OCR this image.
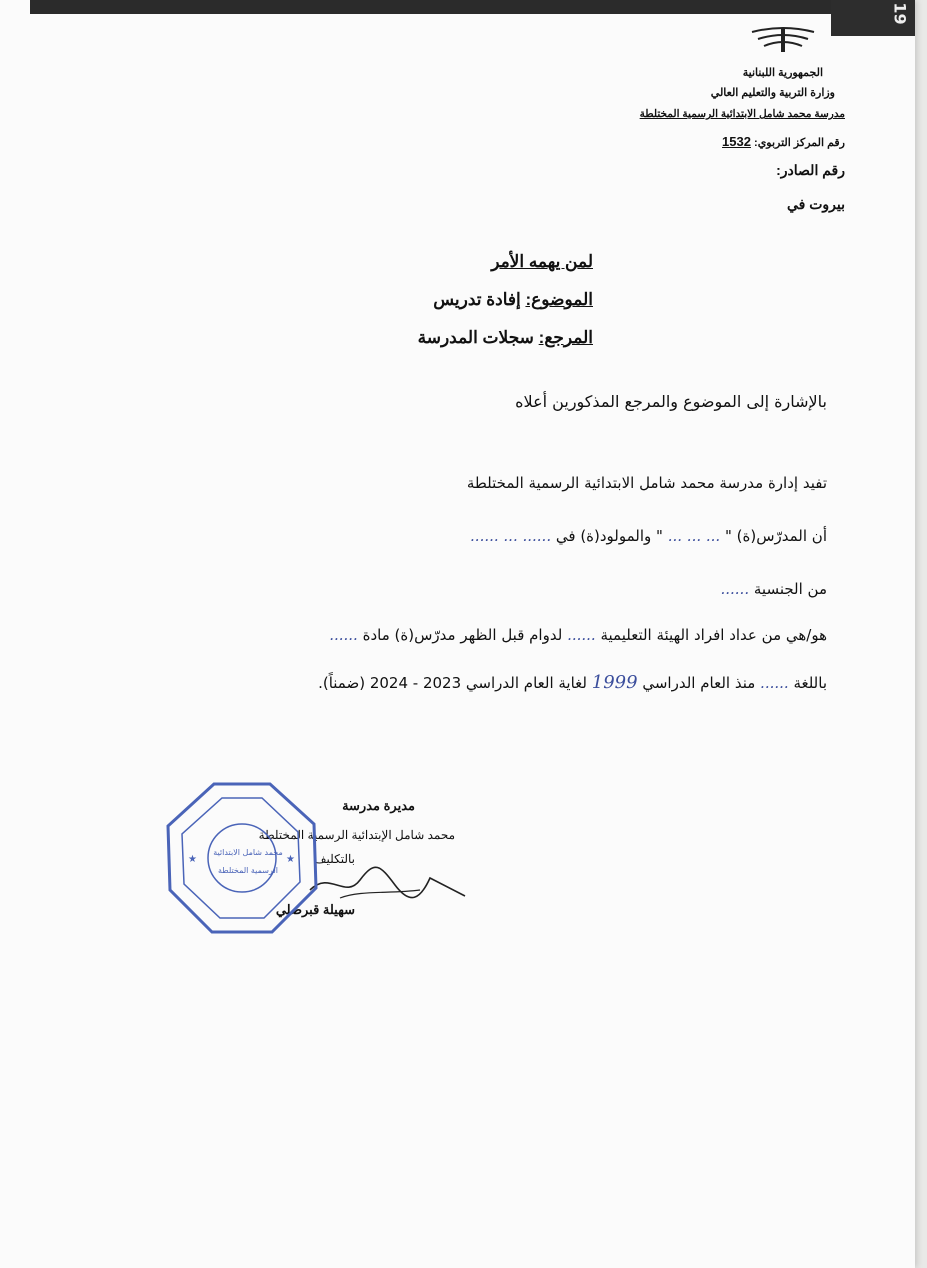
19
الجمهورية اللبنانية
وزارة التربية والتعليم العالي
مدرسة محمد شامل الابتدائية الرسمية المختلطة
رقم المركز التربوي: 1532
رقم الصادر:
بيروت في
لمن يهمه الأمر
الموضوع: إفادة تدريس
المرجع: سجلات المدرسة
بالإشارة إلى الموضوع والمرجع المذكورين أعلاه
تفيد إدارة مدرسة محمد شامل الابتدائية الرسمية المختلطة
أن المدرّس(ة) " ... ... ... " والمولود(ة) في ...... ... ......
من الجنسية ......
هو/هي من عداد افراد الهيئة التعليمية ...... لدوام قبل الظهر مدرّس(ة) مادة ......
باللغة ...... منذ العام الدراسي 1999 لغاية العام الدراسي 2023 - 2024 (ضمناً).
مديرة مدرسة
محمد شامل الإبتدائية الرسمية المختلطة
بالتكليف
سهيلة قبرصلي
★	★
محمد شامل الابتدائية
الرسمية المختلطة
